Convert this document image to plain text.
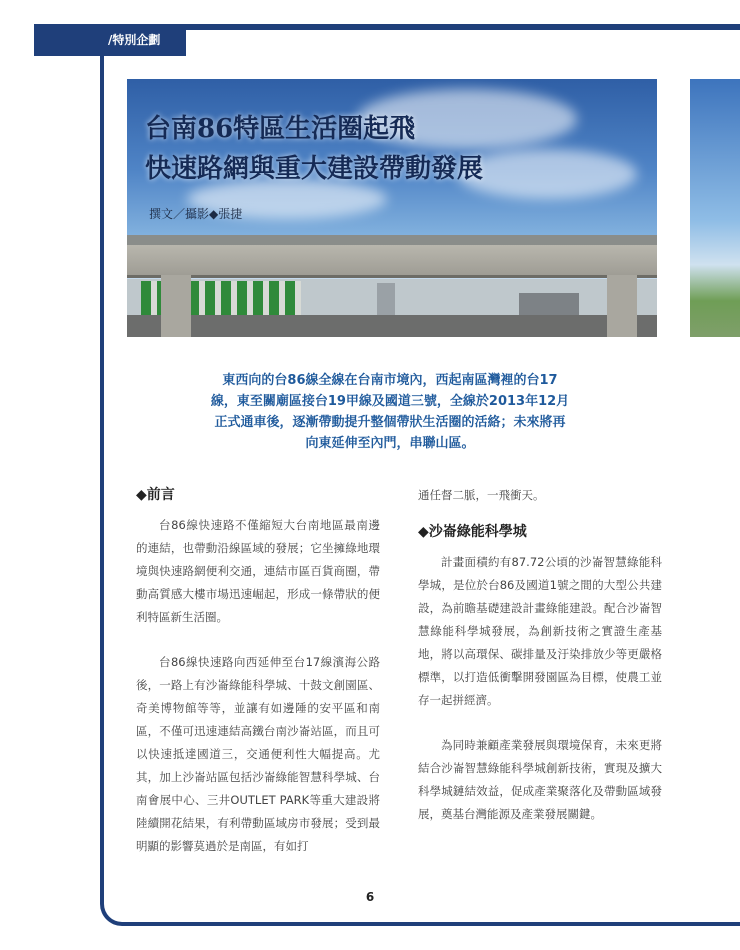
/特別企劃
台南86特區生活圈起飛
快速路網與重大建設帶動發展
撰文／攝影◆張捷

東西向的台86線全線在台南市境內，西起南區灣裡的台17線，東至關廟區接台19甲線及國道三號，全線於2013年12月正式通車後，逐漸帶動提升整個帶狀生活圈的活絡；未來將再向東延伸至內門，串聯山區。

◆前言

台86線快速路不僅縮短大台南地區最南邊的連結，也帶動沿線區域的發展；它坐擁綠地環境與快速路網便利交通，連結市區百貨商圈，帶動高質感大樓市場迅速崛起，形成一條帶狀的便利特區新生活圈。

台86線快速路向西延伸至台17線濱海公路後，一路上有沙崙綠能科學城、十鼓文創園區、奇美博物館等等，並讓有如邊陲的安平區和南區，不僅可迅速連結高鐵台南沙崙站區，而且可以快速抵達國道三，交通便利性大幅提高。尤其，加上沙崙站區包括沙崙綠能智慧科學城、台南會展中心、三井OUTLET PARK等重大建設將陸續開花結果，有利帶動區域房市發展；受到最明顯的影響莫過於是南區，有如打

通任督二脈，一飛衝天。

◆沙崙綠能科學城

計畫面積約有87.72公頃的沙崙智慧綠能科學城，是位於台86及國道1號之間的大型公共建設，為前瞻基礎建設計畫綠能建設。配合沙崙智慧綠能科學城發展，為創新技術之實證生產基地，將以高環保、碳排量及汙染排放少等更嚴格標準，以打造低衝擊開發園區為目標，使農工並存一起拼經濟。

為同時兼顧產業發展與環境保育，未來更將結合沙崙智慧綠能科學城創新技術，實現及擴大科學城鏈結效益，促成產業聚落化及帶動區域發展，奠基台灣能源及產業發展關鍵。

6
